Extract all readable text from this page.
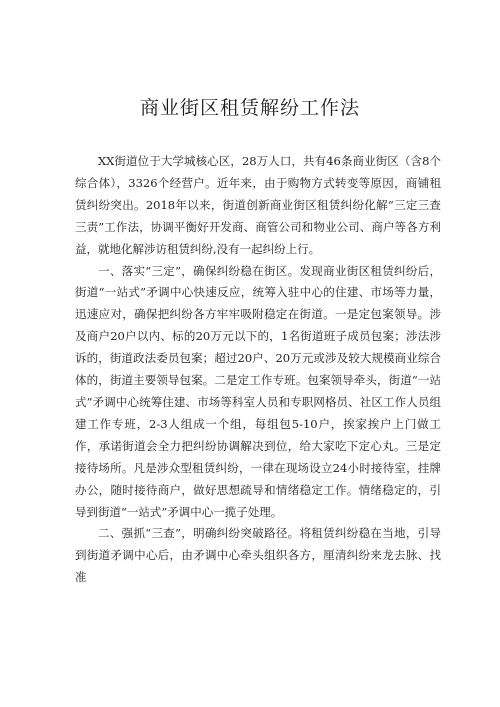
商业街区租赁解纷工作法

XX街道位于大学城核心区，28万人口，共有46条商业街区（含8个综合体），3326个经营户。近年来，由于购物方式转变等原因，商铺租赁纠纷突出。2018年以来，街道创新商业街区租赁纠纷化解“三定三查三责”工作法，协调平衡好开发商、商管公司和物业公司、商户等各方利益，就地化解涉访租赁纠纷,没有一起纠纷上行。

一、落实“三定”，确保纠纷稳在街区。发现商业街区租赁纠纷后，街道“一站式”矛调中心快速反应，统筹入驻中心的住建、市场等力量，迅速应对，确保把纠纷各方牢牢吸附稳定在街道。一是定包案领导。涉及商户20户以内、标的20万元以下的，1名街道班子成员包案；涉法涉诉的，街道政法委员包案；超过20户、20万元或涉及较大规模商业综合体的，街道主要领导包案。二是定工作专班。包案领导牵头，街道“一站式”矛调中心统筹住建、市场等科室人员和专职网格员、社区工作人员组建工作专班，2-3人组成一个组，每组包5-10户，挨家挨户上门做工作，承诺街道会全力把纠纷协调解决到位，给大家吃下定心丸。三是定接待场所。凡是涉众型租赁纠纷，一律在现场设立24小时接待室，挂牌办公，随时接待商户，做好思想疏导和情绪稳定工作。情绪稳定的，引导到街道“一站式”矛调中心一揽子处理。

二、强抓“三查”，明确纠纷突破路径。将租赁纠纷稳在当地，引导到街道矛调中心后，由矛调中心牵头组织各方，厘清纠纷来龙去脉、找准
